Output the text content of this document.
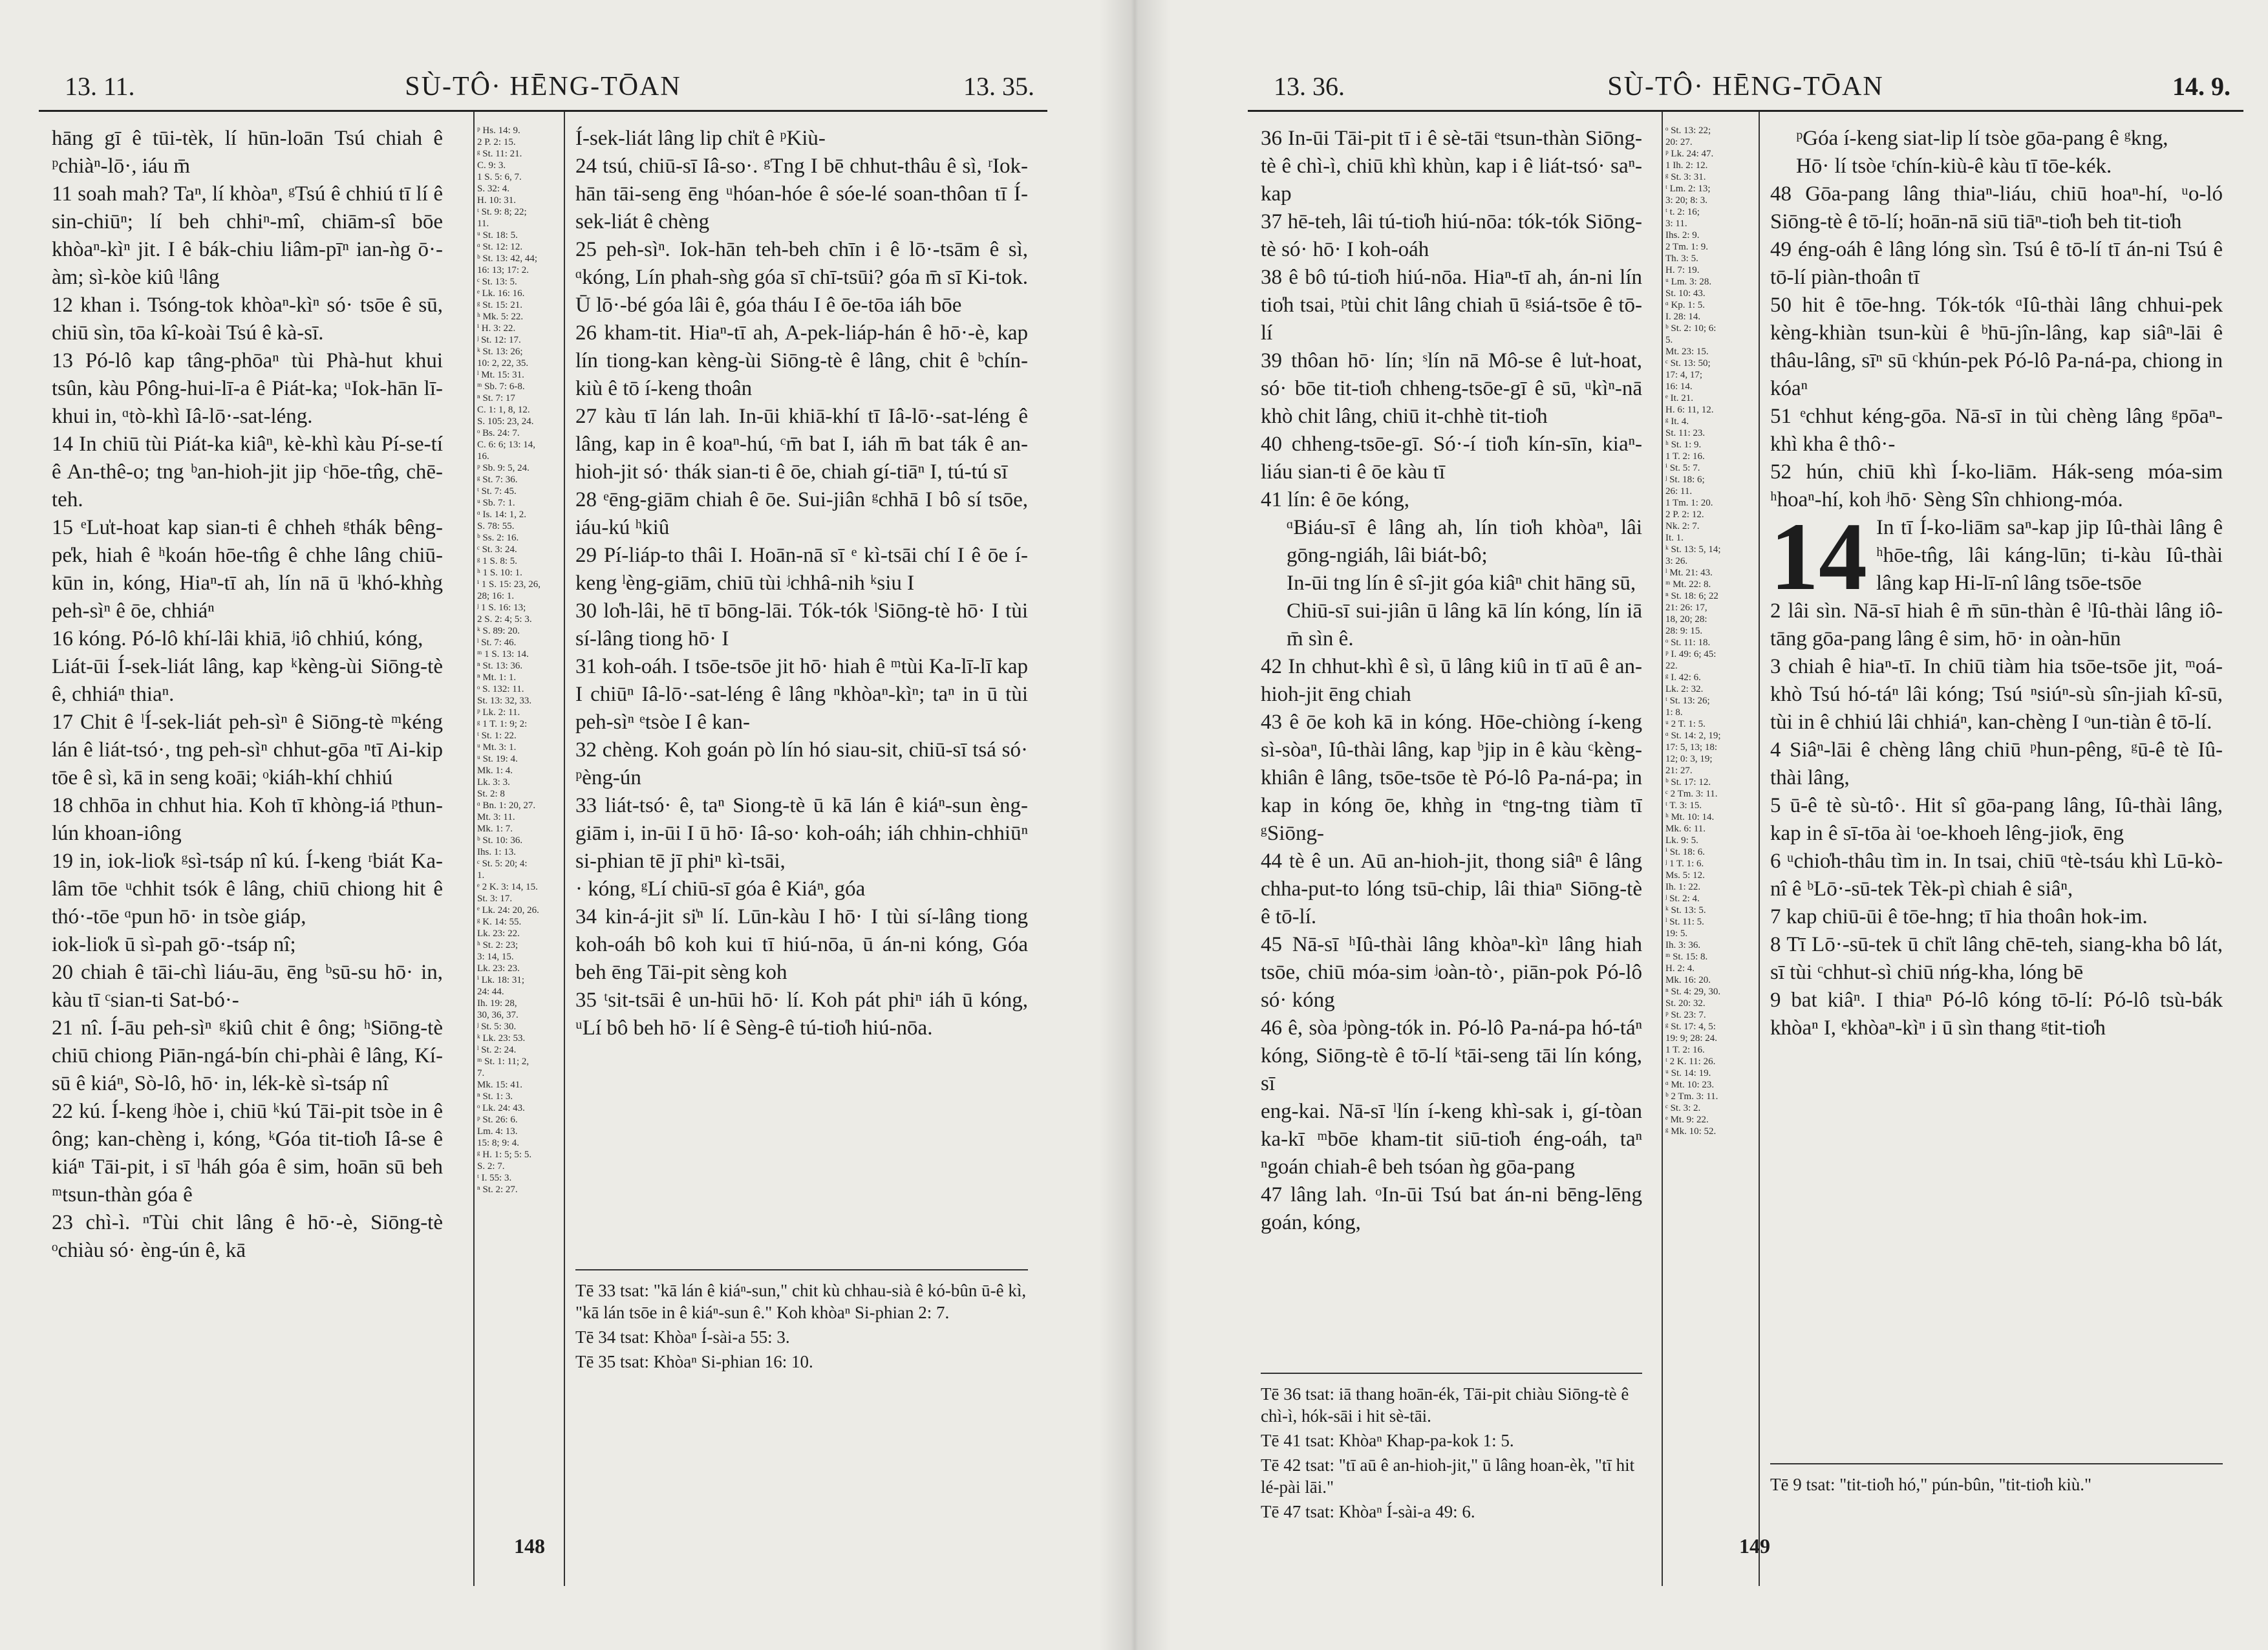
13. 11.	SÙ-TÔ· HĒNG-TŌAN	13. 35.

hāng gī ê tūi-tèk, lí hūn-loān Tsú chiah ê ᵖchiàⁿ-lō·, iáu m̄

11 soah mah? Taⁿ, lí khòaⁿ, ᵍTsú ê chhiú tī lí ê sin-chiūⁿ; lí beh chhiⁿ-mî, chiām-sî bōe khòaⁿ-kìⁿ jit. I ê bák-chiu liâm-pīⁿ ian-ǹg ō·-àm; sì-kòe kiû ˡlâng

12 khan i. Tsóng-tok khòaⁿ-kìⁿ só· tsōe ê sū, chiū sìn, tōa kî-koài Tsú ê kà-sī.

13 Pó-lô kap tâng-phōaⁿ tùi Phà-hut khui tsûn, kàu Pông-hui-lī-a ê Piát-ka; ᵘIok-hān lī-khui in, ᵅtò-khì Iâ-lō·-sat-léng.

14 In chiū tùi Piát-ka kiâⁿ, kè-khì kàu Pí-se-tí ê An-thê-o; tng ᵇan-hioh-jit jip ᶜhōe-tn̂g, chē-teh.

15 ᵉLu̍t-hoat kap sian-ti ê chheh ᵍthák bêng-pe̍k, hiah ê ʰkoán hōe-tn̂g ê chhe lâng chiū-kūn in, kóng, Hiaⁿ-tī ah, lín nā ū ˡkhó-khǹg peh-sìⁿ ê ōe, chhiáⁿ

16 kóng. Pó-lô khí-lâi khiā, ʲiô chhiú, kóng,

Liát-ūi Í-sek-liát lâng, kap ᵏkèng-ùi Siōng-tè ê, chhiáⁿ thiaⁿ.

17 Chit ê ˡÍ-sek-liát peh-sìⁿ ê Siōng-tè ᵐkéng lán ê liát-tsó·, tng peh-sìⁿ chhut-gōa ⁿtī Ai-kip tōe ê sì, kā in seng koāi; ᵒkiáh-khí chhiú

18 chhōa in chhut hia. Koh tī khòng-iá ᵖthun-lún khoan-iông

19 in, iok-lio̍k ᵍsì-tsáp nî kú. Í-keng ʳbiát Ka-lâm tōe ᵘchhit tsók ê lâng, chiū chiong hit ê thó·-tōe ᵅpun hō· in tsòe giáp,

iok-lio̍k ū sì-pah gō·-tsáp nî;

20 chiah ê tāi-chì liáu-āu, ēng ᵇsū-su hō· in, kàu tī ᶜsian-ti Sat-bó·-

21 nî. Í-āu peh-sìⁿ ᵍkiû chit ê ông; ʰSiōng-tè chiū chiong Piān-ngá-bín chi-phài ê lâng, Kí-sū ê kiáⁿ, Sò-lô, hō· in, lék-kè sì-tsáp nî

22 kú. Í-keng ʲhòe i, chiū ᵏkú Tāi-pit tsòe in ê ông; kan-chèng i, kóng, ᵏGóa tit-tio̍h Iâ-se ê kiáⁿ Tāi-pit, i sī ˡháh góa ê sim, hoān sū beh ᵐtsun-thàn góa ê

23 chì-ì. ⁿTùi chit lâng ê hō·-è, Siōng-tè ᵒchiàu só· èng-ún ê, kā

ᵖ Hs. 14: 9.
2 P. 2: 15.
ᵍ St. 11: 21.
C. 9: 3.
1 S. 5: 6, 7.
S. 32: 4.
H. 10: 31.
ᵗ St. 9: 8; 22;
11.
ᵘ St. 18: 5.
ᵅ St. 12: 12.
ᵇ St. 13: 42, 44;
16: 13; 17: 2.
ᶜ St. 13: 5.
ᵉ Lk. 16: 16.
ᵍ St. 15: 21.
ʰ Mk. 5: 22.
ⁱ H. 3: 22.
ʲ St. 12: 17.
ᵏ St. 13: 26;
10: 2, 22, 35.
ˡ Mt. 15: 31.
ᵐ Sb. 7: 6-8.
ⁿ St. 7: 17
C. 1: 1, 8, 12.
S. 105: 23, 24.
ᵒ Bs. 24: 7.
C. 6: 6; 13: 14,
16.
ᵖ Sb. 9: 5, 24.
ᵍ St. 7: 36.
ᵗ St. 7: 45.
ᵘ Sb. 7: 1.
ᵅ Is. 14: 1, 2.
S. 78: 55.
ᵇ Ss. 2: 16.
ᶜ St. 3: 24.
ᵍ 1 S. 8: 5.
ʰ 1 S. 10: 1.
ⁱ 1 S. 15: 23, 26,
28; 16: 1.
ʲ 1 S. 16: 13;
2 S. 2: 4; 5: 3.
ᵏ S. 89: 20.
ˡ St. 7: 46.
ᵐ 1 S. 13: 14.
ⁿ St. 13: 36.
ⁿ Mt. 1: 1.
ᵒ S. 132: 11.
St. 13: 32, 33.
ᵖ Lk. 2: 11.
ᵍ 1 T. 1: 9; 2:
ᵗ St. 1: 22.
ᵘ Mt. 3: 1.
ᵘ St. 19: 4.
Mk. 1: 4.
Lk. 3: 3.
St. 2: 8
ᵅ Bn. 1: 20, 27.
Mt. 3: 11.
Mk. 1: 7.
ᵇ St. 10: 36.
Ihs. 1: 13.
ᶜ St. 5: 20; 4:
1.
ᵉ 2 K. 3: 14, 15.
St. 3: 17.
ᵉ Lk. 24: 20, 26.
ᵍ K. 14: 55.
Lk. 23: 22.
ʰ St. 2: 23;
3: 14, 15.
Lk. 23: 23.
ⁱ Lk. 18: 31;
24: 44.
Ih. 19: 28,
30, 36, 37.
ʲ St. 5: 30.
ᵏ Lk. 23: 53.
ˡ St. 2: 24.
ᵐ St. 1: 11; 2,
7.
Mk. 15: 41.
ⁿ St. 1: 3.
ᵒ Lk. 24: 43.
ᵖ St. 26: 6.
Lm. 4: 13.
15: 8; 9: 4.
ᵍ H. 1: 5; 5: 5.
S. 2: 7.
ᵗ I. 55: 3.
ⁿ St. 2: 27.

Í-sek-liát lâng lip chi̍t ê ᵖKiù-

24 tsú, chiū-sī Iâ-so·. ᵍTng I bē chhut-thâu ê sì, ʳIok-hān tāi-seng ēng ᵘhóan-hóe ê sóe-lé soan-thôan tī Í-sek-liát ê chèng

25 peh-sìⁿ. Iok-hān teh-beh chīn i ê lō·-tsām ê sì, ᵅkóng, Lín phah-sǹg góa sī chī-tsūi? góa m̄ sī Ki-tok. Ū lō·-bé góa lâi ê, góa tháu I ê ōe-tōa iáh bōe

26 kham-tit. Hiaⁿ-tī ah, A-pek-liáp-hán ê hō·-è, kap lín tiong-kan kèng-ùi Siōng-tè ê lâng, chit ê ᵇchín-kiù ê tō í-keng thoân

27 kàu tī lán lah. In-ūi khiā-khí tī Iâ-lō·-sat-léng ê lâng, kap in ê koaⁿ-hú, ᶜm̄ bat I, iáh m̄ bat ták ê an-hioh-jit só· thák sian-ti ê ōe, chiah gí-tiāⁿ I, tú-tú sī

28 ᵉēng-giām chiah ê ōe. Sui-jiân ᵍchhā I bô sí tsōe, iáu-kú ʰkiû

29 Pí-liáp-to thâi I. Hoān-nā sī ᵉ kì-tsāi chí I ê ōe í-keng ˡèng-giām, chiū tùi ʲchhâ-nih ᵏsiu I

30 lo̍h-lâi, hē tī bōng-lāi. Tók-tók ˡSiōng-tè hō· I tùi sí-lâng tiong hō· I

31 koh-oáh. I tsōe-tsōe jit hō· hiah ê ᵐtùi Ka-lī-lī kap I chiūⁿ Iâ-lō·-sat-léng ê lâng ⁿkhòaⁿ-kìⁿ; taⁿ in ū tùi peh-sìⁿ ᵉtsòe I ê kan-

32 chèng. Koh goán pò lín hó siau-sit, chiū-sī tsá só· ᵖèng-ún

33 liát-tsó· ê, taⁿ Siong-tè ū kā lán ê kiáⁿ-sun èng-giām i, in-ūi I ū hō· Iâ-so· koh-oáh; iáh chhin-chhiūⁿ si-phian tē jī phiⁿ kì-tsāi,

· kóng, ᵍLí chiū-sī góa ê Kiáⁿ, góa

34 kin-á-jit si̍ⁿ lí. Lūn-kàu I hō· I tùi sí-lâng tiong koh-oáh bô koh kui tī hiú-nōa, ū án-ni kóng, Góa beh ēng Tāi-pit sèng koh

35 ᵗsit-tsāi ê un-hūi hō· lí. Koh pát phiⁿ iáh ū kóng, ᵘLí bô beh hō· lí ê Sèng-ê tú-tio̍h hiú-nōa.

Tē 33 tsat: "kā lán ê kiáⁿ-sun," chit kù chhau-sià ê kó-bûn ū-ê kì, "kā lán tsōe in ê kiáⁿ-sun ê." Koh khòaⁿ Si-phian 2: 7.
Tē 34 tsat: Khòaⁿ Í-sài-a 55: 3.
Tē 35 tsat: Khòaⁿ Si-phian 16: 10.
148
13. 36.	SÙ-TÔ· HĒNG-TŌAN	14. 9.

36 In-ūi Tāi-pit tī i ê sè-tāi ᵉtsun-thàn Siōng-tè ê chì-ì, chiū khì khùn, kap i ê liát-tsó· saⁿ-kap

37 hē-teh, lâi tú-tio̍h hiú-nōa: tók-tók Siōng-tè só· hō· I koh-oáh

38 ê bô tú-tio̍h hiú-nōa. Hiaⁿ-tī ah, án-ni lín tio̍h tsai, ᵖtùi chit lâng chiah ū ᵍsiá-tsōe ê tō-lí

39 thôan hō· lín; ˢlín nā Mô-se ê lu̍t-hoat, só· bōe tit-tio̍h chheng-tsōe-gī ê sū, ᵘkìⁿ-nā khò chit lâng, chiū it-chhè tit-tio̍h

40 chheng-tsōe-gī. Só·-í tio̍h kín-sīn, kiaⁿ-liáu sian-ti ê ōe kàu tī

41 lín: ê ōe kóng,

ᵅBiáu-sī ê lâng ah, lín tio̍h khòaⁿ, lâi gōng-ngiáh, lâi biát-bô;

In-ūi tng lín ê sî-jit góa kiâⁿ chit hāng sū,

Chiū-sī sui-jiân ū lâng kā lín kóng, lín iā m̄ sìn ê.

42 In chhut-khì ê sì, ū lâng kiû in tī aū ê an-hioh-jit ēng chiah

43 ê ōe koh kā in kóng. Hōe-chiòng í-keng sì-sòaⁿ, Iû-thài lâng, kap ᵇjip in ê kàu ᶜkèng-khiân ê lâng, tsōe-tsōe tè Pó-lô Pa-ná-pa; in kap in kóng ōe, khǹg in ᵉtng-tng tiàm tī ᵍSiōng-

44 tè ê un. Aū an-hioh-jit, thong siâⁿ ê lâng chha-put-to lóng tsū-chip, lâi thiaⁿ Siōng-tè ê tō-lí.

45 Nā-sī ʰIû-thài lâng khòaⁿ-kìⁿ lâng hiah tsōe, chiū móa-sim ʲoàn-tò·, piān-pok Pó-lô só· kóng

46 ê, sòa ʲpòng-tók in. Pó-lô Pa-ná-pa hó-táⁿ kóng, Siōng-tè ê tō-lí ᵏtāi-seng tāi lín kóng, sī

eng-kai. Nā-sī ˡlín í-keng khì-sak i, gí-tòan ka-kī ᵐbōe kham-tit siū-tio̍h éng-oáh, taⁿ ⁿgoán chiah-ê beh tsóan ǹg gōa-pang

47 lâng lah. ᵒIn-ūi Tsú bat án-ni bēng-lēng goán, kóng,

Tē 36 tsat: iā thang hoān-ék, Tāi-pit chiàu Siōng-tè ê chì-ì, hók-sāi i hit sè-tāi.
Tē 41 tsat: Khòaⁿ Khap-pa-kok 1: 5.
Tē 42 tsat: "tī aū ê an-hioh-jit," ū lâng hoan-èk, "tī hit lé-pài lāi."
Tē 47 tsat: Khòaⁿ Í-sài-a 49: 6.
ᵒ St. 13: 22;
20: 27.
ᵖ Lk. 24: 47.
1 Ih. 2: 12.
ᵍ St. 3: 31.
ᵗ Lm. 2: 13;
3: 20; 8: 3.
ᵗ t. 2: 16;
3: 11.
Ihs. 2: 9.
2 Tm. 1: 9.
Th. 3: 5.
H. 7: 19.
ᵘ Lm. 3: 28.
St. 10: 43.
ᵅ Kp. 1: 5.
I. 28: 14.
ᵇ St. 2: 10; 6:
5.
Mt. 23: 15.
ᶜ St. 13: 50;
17: 4, 17;
16: 14.
ᵉ It. 21.
H. 6: 11, 12.
ᵍ It. 4.
St. 11: 23.
ʰ St. 1: 9.
1 T. 2: 16.
ⁱ St. 5: 7.
ʲ St. 18: 6;
26: 11.
1 Tm. 1: 20.
2 P. 2: 12.
Nk. 2: 7.
It. 1.
ᵏ St. 13: 5, 14;
3: 26.
ˡ Mt. 21: 43.
ᵐ Mt. 22: 8.
ⁿ St. 18: 6; 22
21: 26: 17,
18, 20; 28:
28: 9: 15.
ᵒ St. 11: 18.
ᵖ I. 49: 6; 45:
22.
ᵍ I. 42: 6.
Lk. 2: 32.
ᵗ St. 13: 26;
1: 8.
ᵘ 2 T. 1: 5.
ᵅ St. 14: 2, 19;
17: 5, 13; 18:
12; 0: 3, 19;
21: 27.
ᵇ St. 17: 12.
ᶜ 2 Tm. 3: 11.
ᵗ T. 3: 15.
ʰ Mt. 10: 14.
Mk. 6: 11.
Lk. 9: 5.
ⁱ St. 18: 6.
ʲ 1 T. 1: 6.
Ms. 5: 12.
Ih. 1: 22.
ʲ St. 2: 4.
ᵏ St. 13: 5.
ˡ St. 11: 5.
19: 5.
Ih. 3: 36.
ᵐ St. 15: 8.
H. 2: 4.
Mk. 16: 20.
ⁿ St. 4: 29, 30.
St. 20: 32.
ᵖ St. 23: 7.
ᵍ St. 17: 4, 5:
19: 9; 28: 24.
1 T. 2: 16.
ᵗ 2 K. 11: 26.
ᵘ St. 14: 19.
ᵅ Mt. 10: 23.
ᵇ 2 Tm. 3: 11.
ᶜ St. 3: 2.
ᵉ Mt. 9: 22.
ᵍ Mk. 10: 52.

ᵖGóa í-keng siat-lip lí tsòe gōa-pang ê ᵍkng,

Hō· lí tsòe ʳchín-kiù-ê kàu tī tōe-kék.

48 Gōa-pang lâng thiaⁿ-liáu, chiū hoaⁿ-hí, ᵘo-ló Siōng-tè ê tō-lí; hoān-nā siū tiāⁿ-tio̍h beh tit-tio̍h

49 éng-oáh ê lâng lóng sìn. Tsú ê tō-lí tī án-ni Tsú ê tō-lí piàn-thoân tī

50 hit ê tōe-hng. Tók-tók ᵅIû-thài lâng chhui-pek kèng-khiàn tsun-kùi ê ᵇhū-jîn-lâng, kap siâⁿ-lāi ê thâu-lâng, sīⁿ sū ᶜkhún-pek Pó-lô Pa-ná-pa, chiong in kóaⁿ

51 ᵉchhut kéng-gōa. Nā-sī in tùi chèng lâng ᵍpōaⁿ-khì kha ê thô·-

52 hún, chiū khì Í-ko-liām. Hák-seng móa-sim ʰhoaⁿ-hí, koh ʲhō· Sèng Sîn chhiong-móa.

14 In tī Í-ko-liām saⁿ-kap jip Iû-thài lâng ê ʰhōe-tn̂g, lâi káng-lūn; ti-kàu Iû-thài lâng kap Hi-lī-nî lâng tsōe-tsōe

2 lâi sìn. Nā-sī hiah ê m̄ sūn-thàn ê ˡIû-thài lâng iô-tāng gōa-pang lâng ê sim, hō· in oàn-hūn

3 chiah ê hiaⁿ-tī. In chiū tiàm hia tsōe-tsōe jit, ᵐoá-khò Tsú hó-táⁿ lâi kóng; Tsú ⁿsiúⁿ-sù sîn-jiah kî-sū, tùi in ê chhiú lâi chhiáⁿ, kan-chèng I ᵒun-tiàn ê tō-lí.

4 Siâⁿ-lāi ê chèng lâng chiū ᵖhun-pêng, ᵍū-ê tè Iû-thài lâng,

5 ū-ê tè sù-tô·. Hit sî gōa-pang lâng, Iû-thài lâng, kap in ê sī-tōa ài ᵗoe-khoeh lêng-jio̍k, ēng

6 ᵘchio̍h-thâu tìm in. In tsai, chiū ᵅtè-tsáu khì Lū-kò-nî ê ᵇLō·-sū-tek Tèk-pì chiah ê siâⁿ,

7 kap chiū-ūi ê tōe-hng; tī hia thoân hok-im.

8 Tī Lō·-sū-tek ū chi̍t lâng chē-teh, siang-kha bô lát, sī tùi ᶜchhut-sì chiū nńg-kha, lóng bē

9 bat kiâⁿ. I thiaⁿ Pó-lô kóng tō-lí: Pó-lô tsù-bák khòaⁿ I, ᵉkhòaⁿ-kìⁿ i ū sìn thang ᵍtit-tio̍h

Tē 9 tsat: "tit-tio̍h hó," pún-bûn, "tit-tio̍h kiù."
149
